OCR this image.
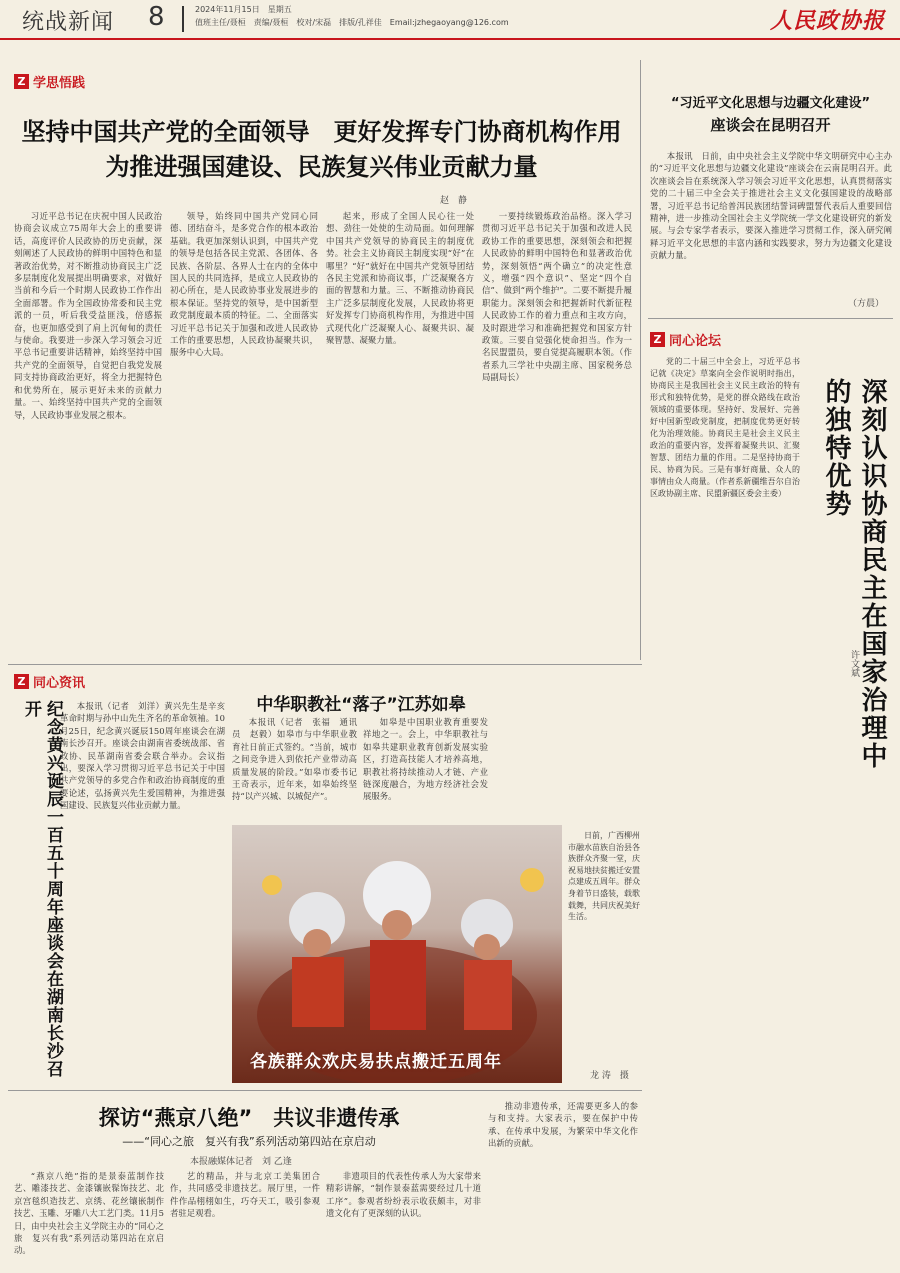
统战新闻 8	2024年11月15日　星期五
值班主任/聂桓　责编/聂桓　校对/宋磊　排版/孔祥佳　Email:jzhegaoyang@126.com	人民政协报
Z 学思悟践
坚持中国共产党的全面领导　更好发挥专门协商机构作用
为推进强国建设、民族复兴伟业贡献力量
赵　静

习近平总书记在庆祝中国人民政治协商会议成立75周年大会上的重要讲话，高度评价人民政协的历史贡献，深刻阐述了人民政协的鲜明中国特色和显著政治优势，对不断推动协商民主广泛多层制度化发展提出明确要求，对做好当前和今后一个时期人民政协工作作出全面部署。作为全国政协常委和民主党派的一员，听后我受益匪浅，倍感振奋，也更加感受到了肩上沉甸甸的责任与使命。我要进一步深入学习领会习近平总书记重要讲话精神，始终坚持中国共产党的全面领导，自觉把自我党发展同支持协商政治更好，将全力把握特色和优势所在，展示更好未来的贡献力量。一、始终坚持中国共产党的全面领导，人民政协事业发展之根本。

领导，始终同中国共产党同心同德、团结奋斗，是多党合作的根本政治基础。我更加深刻认识到，中国共产党的领导是包括各民主党派、各团体、各民族、各阶层、各界人士在内的全体中国人民的共同选择，是成立人民政协的初心所在，是人民政协事业发展进步的根本保证。坚持党的领导，是中国新型政党制度最本质的特征。二、全面落实习近平总书记关于加强和改进人民政协工作的重要思想，人民政协凝聚共识，服务中心大局。

起来，形成了全国人民心往一处想、劲往一处使的生动局面。如何理解中国共产党领导的协商民主的制度优势。社会主义协商民主制度实现“好”在哪里？“好”就好在中国共产党领导团结各民主党派和协商议事，广泛凝聚各方面的智慧和力量。三、不断推动协商民主广泛多层制度化发展，人民政协将更好发挥专门协商机构作用，为推进中国式现代化广泛凝聚人心、凝聚共识、凝聚智慧、凝聚力量。

一要持续锻炼政治品格。深入学习贯彻习近平总书记关于加强和改进人民政协工作的重要思想，深刻领会和把握人民政协的鲜明中国特色和显著政治优势，深刻领悟“两个确立”的决定性意义，增强“四个意识”、坚定“四个自信”、做到“两个维护”。二要不断提升履职能力。深刻领会和把握新时代新征程人民政协工作的着力重点和主攻方向，及时跟进学习和准确把握党和国家方针政策。三要自觉强化使命担当。作为一名民盟盟员，要自觉提高履职本领。（作者系九三学社中央副主席、国家税务总局副局长）

“习近平文化思想与边疆文化建设”
座谈会在昆明召开

本报讯　日前，由中央社会主义学院中华文明研究中心主办的“习近平文化思想与边疆文化建设”座谈会在云南昆明召开。此次座谈会旨在系统深入学习领会习近平文化思想，认真贯彻落实党的二十届三中全会关于推进社会主义文化强国建设的战略部署，习近平总书记给普洱民族团结誓词碑盟誓代表后人重要回信精神，进一步推动全国社会主义学院统一学文化建设研究的新发展。与会专家学者表示，要深入推进学习贯彻工作，深入研究阐释习近平文化思想的丰富内涵和实践要求，努力为边疆文化建设贡献力量。

（方晨）
Z 同心论坛

党的二十届三中全会上，习近平总书记就《决定》草案向全会作说明时指出，协商民主是我国社会主义民主政治的特有形式和独特优势，是党的群众路线在政治领域的重要体现。坚持好、发展好、完善好中国新型政党制度，把制度优势更好转化为治理效能。协商民主是社会主义民主政治的重要内容，发挥着凝聚共识、汇聚智慧、团结力量的作用。二是坚持协商于民、协商为民。三是有事好商量、众人的事情由众人商量。（作者系新疆维吾尔自治区政协副主席、民盟新疆区委会主委）	深刻认识协商民主在国家治理中的独特优势
许文斌
Z 同心资讯
纪念黄兴诞辰一百五十周年座谈会在湖南长沙召开	本报讯（记者　刘洋）黄兴先生是辛亥革命时期与孙中山先生齐名的革命领袖。10月25日，纪念黄兴诞辰150周年座谈会在湖南长沙召开。座谈会由湖南省委统战部、省政协、民革湖南省委会联合举办。会议指出，要深入学习贯彻习近平总书记关于中国共产党领导的多党合作和政治协商制度的重要论述，弘扬黄兴先生爱国精神，为推进强国建设、民族复兴伟业贡献力量。

中华职教社“落子”江苏如皋

本报讯（记者　张福　通讯员　赵毅）如皋市与中华职业教育社日前正式签约。“当前，城市之间竞争进入到依托产业带动高质量发展的阶段。”如皋市委书记王奇表示，近年来，如皋始终坚持“以产兴城、以城促产”。

如皋是中国职业教育重要发祥地之一。会上，中华职教社与如皋共建职业教育创新发展实验区，打造高技能人才培养高地，职教社将持续推动人才链、产业链深度融合，为地方经济社会发展服务。

各族群众欢庆易扶点搬迁五周年

日前，广西柳州市融水苗族自治县各族群众齐聚一堂，庆祝易地扶贫搬迁安置点建成五周年。群众身着节日盛装，载歌载舞，共同庆祝美好生活。

龙 涛　摄
探访“燕京八绝”　共议非遗传承
——“同心之旅　复兴有我”系列活动第四站在京启动
本报融媒体记者　刘 乙逢

“燕京八绝”指的是景泰蓝制作技艺、雕漆技艺、金漆镶嵌髹饰技艺、北京宫毯织造技艺、京绣、花丝镶嵌制作技艺、玉雕、牙雕八大工艺门类。11月5日，由中央社会主义学院主办的“同心之旅　复兴有我”系列活动第四站在京启动。

艺的精品，并与北京工美集团合作，共同感受非遗技艺。展厅里，一件件作品栩栩如生，巧夺天工，吸引参观者驻足观看。

非遗项目的代表性传承人为大家带来精彩讲解，“制作景泰蓝需要经过几十道工序”。参观者纷纷表示收获颇丰，对非遗文化有了更深刻的认识。

推动非遗传承，还需要更多人的参与和支持。大家表示，要在保护中传承、在传承中发展，为繁荣中华文化作出新的贡献。
